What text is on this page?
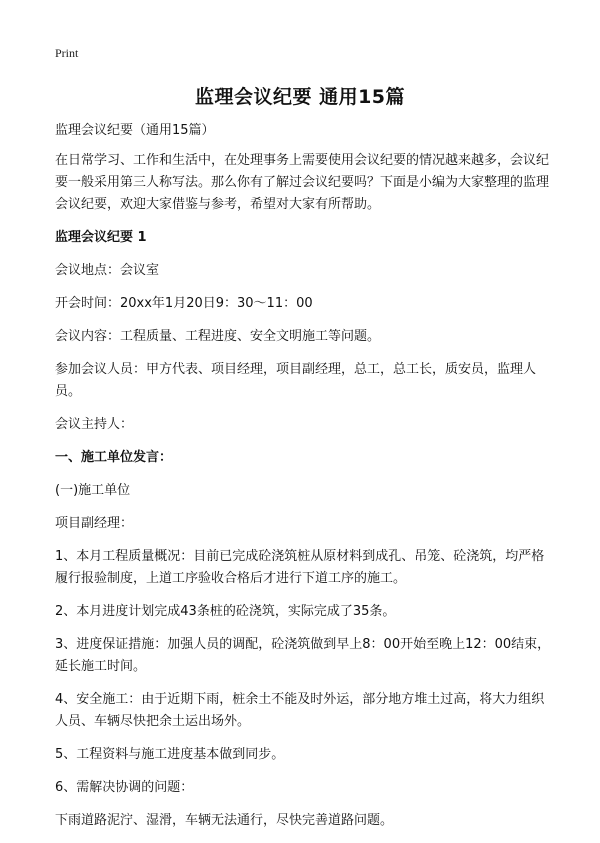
Print
监理会议纪要 通用15篇

监理会议纪要（通用15篇）

在日常学习、工作和生活中，在处理事务上需要使用会议纪要的情况越来越多，会议纪要一般采用第三人称写法。那么你有了解过会议纪要吗？下面是小编为大家整理的监理会议纪要，欢迎大家借鉴与参考，希望对大家有所帮助。

监理会议纪要 1

会议地点：会议室

开会时间：20xx年1月20日9：30～11：00

会议内容：工程质量、工程进度、安全文明施工等问题。

参加会议人员：甲方代表、项目经理，项目副经理，总工，总工长，质安员，监理人员。

会议主持人：

一、施工单位发言：

(一)施工单位

项目副经理：

1、本月工程质量概况：目前已完成砼浇筑桩从原材料到成孔、吊笼、砼浇筑，均严格履行报验制度，上道工序验收合格后才进行下道工序的施工。

2、本月进度计划完成43条桩的砼浇筑，实际完成了35条。

3、进度保证措施：加强人员的调配，砼浇筑做到早上8：00开始至晚上12：00结束，延长施工时间。

4、安全施工：由于近期下雨，桩余土不能及时外运，部分地方堆土过高，将大力组织人员、车辆尽快把余土运出场外。

5、工程资料与施工进度基本做到同步。

6、需解决协调的问题：

下雨道路泥泞、湿滑，车辆无法通行，尽快完善道路问题。
